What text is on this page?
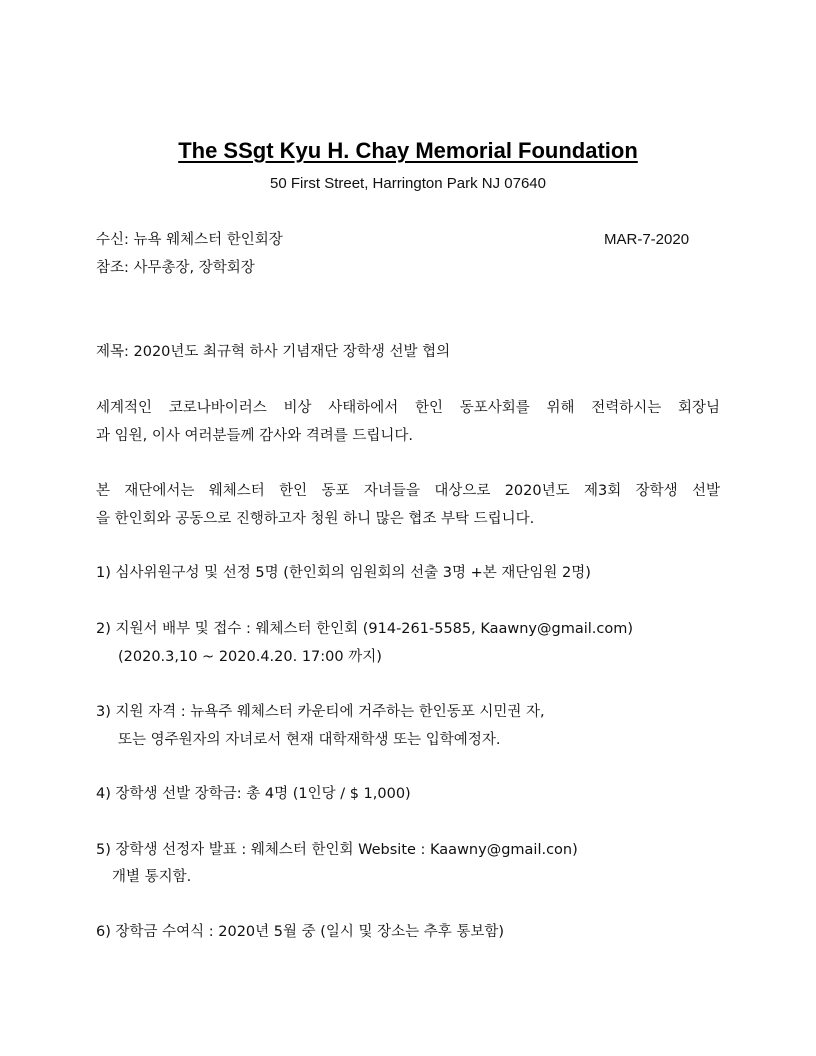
The SSgt Kyu H. Chay Memorial Foundation
50 First Street, Harrington Park NJ 07640
수신: 뉴욕 웨체스터 한인회장	MAR-7-2020
참조: 사무총장, 장학회장
제목: 2020년도 최규혁 하사 기념재단 장학생 선발 협의
세계적인 코로나바이러스 비상 사태하에서 한인 동포사회를 위해 전력하시는 회장님
과 임원, 이사 여러분들께 감사와 격려를 드립니다.
본 재단에서는 웨체스터 한인 동포 자녀들을 대상으로 2020년도 제3회 장학생 선발
을 한인회와 공동으로 진행하고자 청원 하니 많은 협조 부탁 드립니다.
1) 심사위원구성 및 선정 5명 (한인회의 임원회의 선출 3명 +본 재단임원 2명)
2) 지원서 배부 및 접수 : 웨체스터 한인회 (914-261-5585, Kaawny@gmail.com)
(2020.3,10 ~ 2020.4.20. 17:00 까지)
3) 지원 자격 : 뉴욕주 웨체스터 카운티에 거주하는 한인동포 시민권 자,
또는 영주원자의 자녀로서 현재 대학재학생 또는 입학예정자.
4) 장학생 선발 장학금: 총 4명 (1인당 / $ 1,000)
5) 장학생 선정자 발표 : 웨체스터 한인회 Website : Kaawny@gmail.con)
개별 통지함.
6) 장학금 수여식 : 2020년 5월 중 (일시 및 장소는 추후 통보함)
